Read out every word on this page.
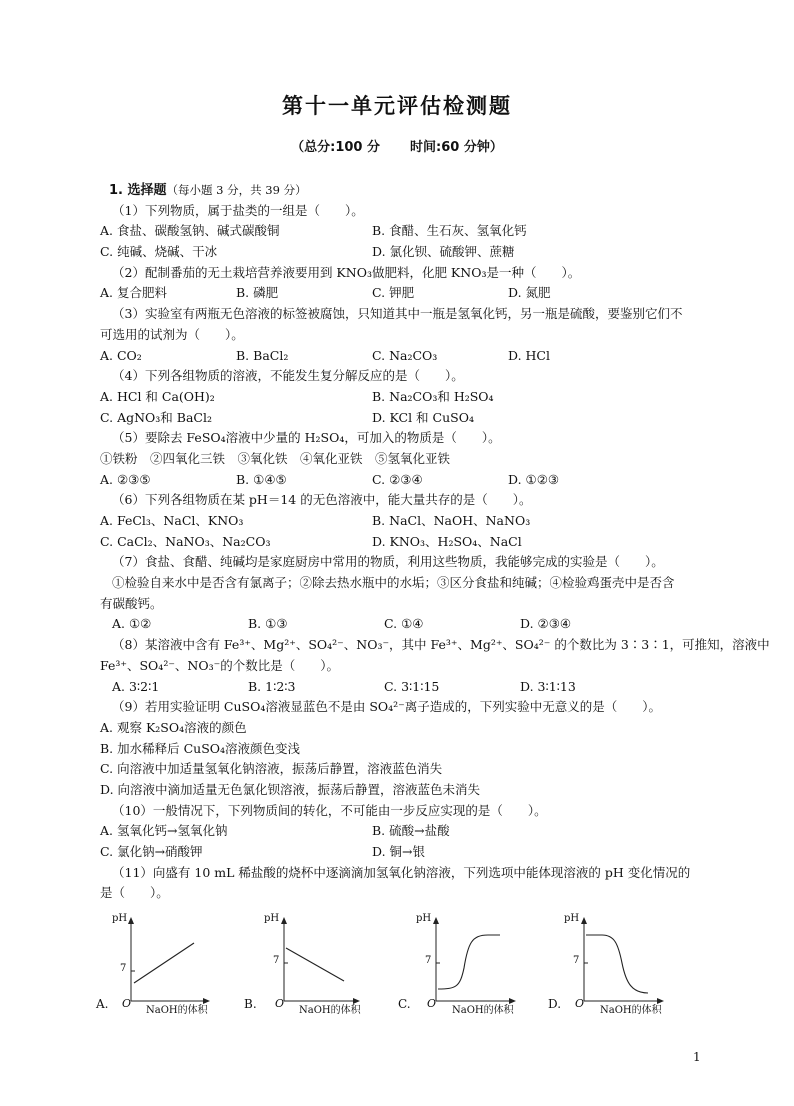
第十一单元评估检测题
（总分:100 分 时间:60 分钟）
1. 选择题（每小题 3 分，共 39 分）
（1）下列物质，属于盐类的一组是（　　）。
A. 食盐、碳酸氢钠、碱式碳酸铜	B. 食醋、生石灰、氢氧化钙
C. 纯碱、烧碱、干冰	D. 氯化钡、硫酸钾、蔗糖
（2）配制番茄的无土栽培营养液要用到 KNO₃做肥料，化肥 KNO₃是一种（　　）。
A. 复合肥料	B. 磷肥	C. 钾肥	D. 氮肥
（3）实验室有两瓶无色溶液的标签被腐蚀，只知道其中一瓶是氢氧化钙，另一瓶是硫酸，要鉴别它们不
可选用的试剂为（　　）。
A. CO₂	B. BaCl₂	C. Na₂CO₃	D. HCl
（4）下列各组物质的溶液，不能发生复分解反应的是（　　）。
A. HCl 和 Ca(OH)₂	B. Na₂CO₃和 H₂SO₄
C. AgNO₃和 BaCl₂	D. KCl 和 CuSO₄
（5）要除去 FeSO₄溶液中少量的 H₂SO₄，可加入的物质是（　　）。
①铁粉　②四氧化三铁　③氧化铁　④氧化亚铁　⑤氢氧化亚铁
A. ②③⑤	B. ①④⑤	C. ②③④	D. ①②③
（6）下列各组物质在某 pH＝14 的无色溶液中，能大量共存的是（　　）。
A. FeCl₃、NaCl、KNO₃	B. NaCl、NaOH、NaNO₃
C. CaCl₂、NaNO₃、Na₂CO₃	D. KNO₃、H₂SO₄、NaCl
（7）食盐、食醋、纯碱均是家庭厨房中常用的物质，利用这些物质，我能够完成的实验是（　　）。
①检验自来水中是否含有氯离子；②除去热水瓶中的水垢；③区分食盐和纯碱；④检验鸡蛋壳中是否含
有碳酸钙。
A. ①②	B. ①③	C. ①④	D. ②③④
（8）某溶液中含有 Fe³⁺、Mg²⁺、SO₄²⁻、NO₃⁻，其中 Fe³⁺、Mg²⁺、SO₄²⁻ 的个数比为 3∶3∶1，可推知，溶液中
Fe³⁺、SO₄²⁻、NO₃⁻的个数比是（　　）。
A. 3∶2∶1	B. 1∶2∶3	C. 3∶1∶15	D. 3∶1∶13
（9）若用实验证明 CuSO₄溶液显蓝色不是由 SO₄²⁻离子造成的，下列实验中无意义的是（　　）。
A. 观察 K₂SO₄溶液的颜色
B. 加水稀释后 CuSO₄溶液颜色变浅
C. 向溶液中加适量氢氧化钠溶液，振荡后静置，溶液蓝色消失
D. 向溶液中滴加适量无色氯化钡溶液，振荡后静置，溶液蓝色未消失
（10）一般情况下，下列物质间的转化，不可能由一步反应实现的是（　　）。
A. 氢氧化钙→氢氧化钠	B. 硫酸→盐酸
C. 氯化钠→硝酸钾	D. 铜→银
（11）向盛有 10 mL 稀盐酸的烧杯中逐滴滴加氢氧化钠溶液，下列选项中能体现溶液的 pH 变化情况的
是（　　）。
A.
pH
7
O
NaOH的体积	B.
pH
7
O
NaOH的体积	C.
pH
7
O
NaOH的体积	D.
pH
7
O
NaOH的体积
1
